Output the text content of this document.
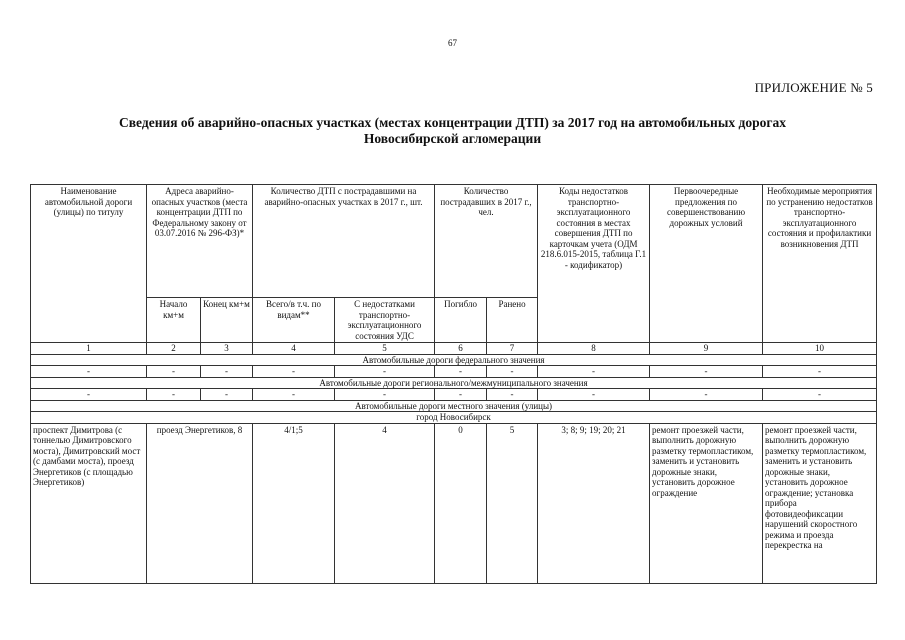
67
ПРИЛОЖЕНИЕ № 5
Сведения об аварийно-опасных участках (местах концентрации ДТП) за 2017 год на автомобильных дорогах
Новосибирской агломерации
Наименование автомобильной дороги (улицы) по титулу	Адреса аварийно-опасных участков (места концентрации ДТП по Федеральному закону от 03.07.2016 № 296-ФЗ)*		Количество ДТП с пострадавшими на аварийно-опасных участках в 2017 г., шт.		Количество пострадавших в 2017 г., чел.		Коды недостатков транспортно-эксплуатационного состояния в местах совершения ДТП по карточкам учета (ОДМ 218.6.015-2015, таблица Г.1 - кодификатор)	Первоочередные предложения по совершенствованию дорожных условий	Необходимые мероприятия по устранению недостатков транспортно-эксплуатационного состояния и профилактики возникновения ДТП
	Начало км+м	Конец км+м	Всего/в т.ч. по видам**	С недостатками транспортно-эксплуатационного состояния УДС	Погибло	Ранено			
1	2	3	4	5	6	7	8	9	10
Автомобильные дороги федерального значения									
-	-	-	-	-	-	-	-	-	-
Автомобильные дороги регионального/межмуниципального значения									
-	-	-	-	-	-	-	-	-	-
Автомобильные дороги местного значения (улицы)									
город Новосибирск									
проспект Димитрова (с тоннелью Димитровского моста), Димитровский мост (с дамбами моста), проезд Энергетиков (с площадью Энергетиков)	проезд Энергетиков, 8		4/1;5	4	0	5	3; 8; 9; 19; 20; 21	ремонт проезжей части, выполнить дорожную разметку термопластиком, заменить и установить дорожные знаки, установить дорожное ограждение	ремонт проезжей части, выполнить дорожную разметку термопластиком, заменить и установить дорожные знаки, установить дорожное ограждение; установка прибора фотовидеофиксации нарушений скоростного режима и проезда перекрестка на
